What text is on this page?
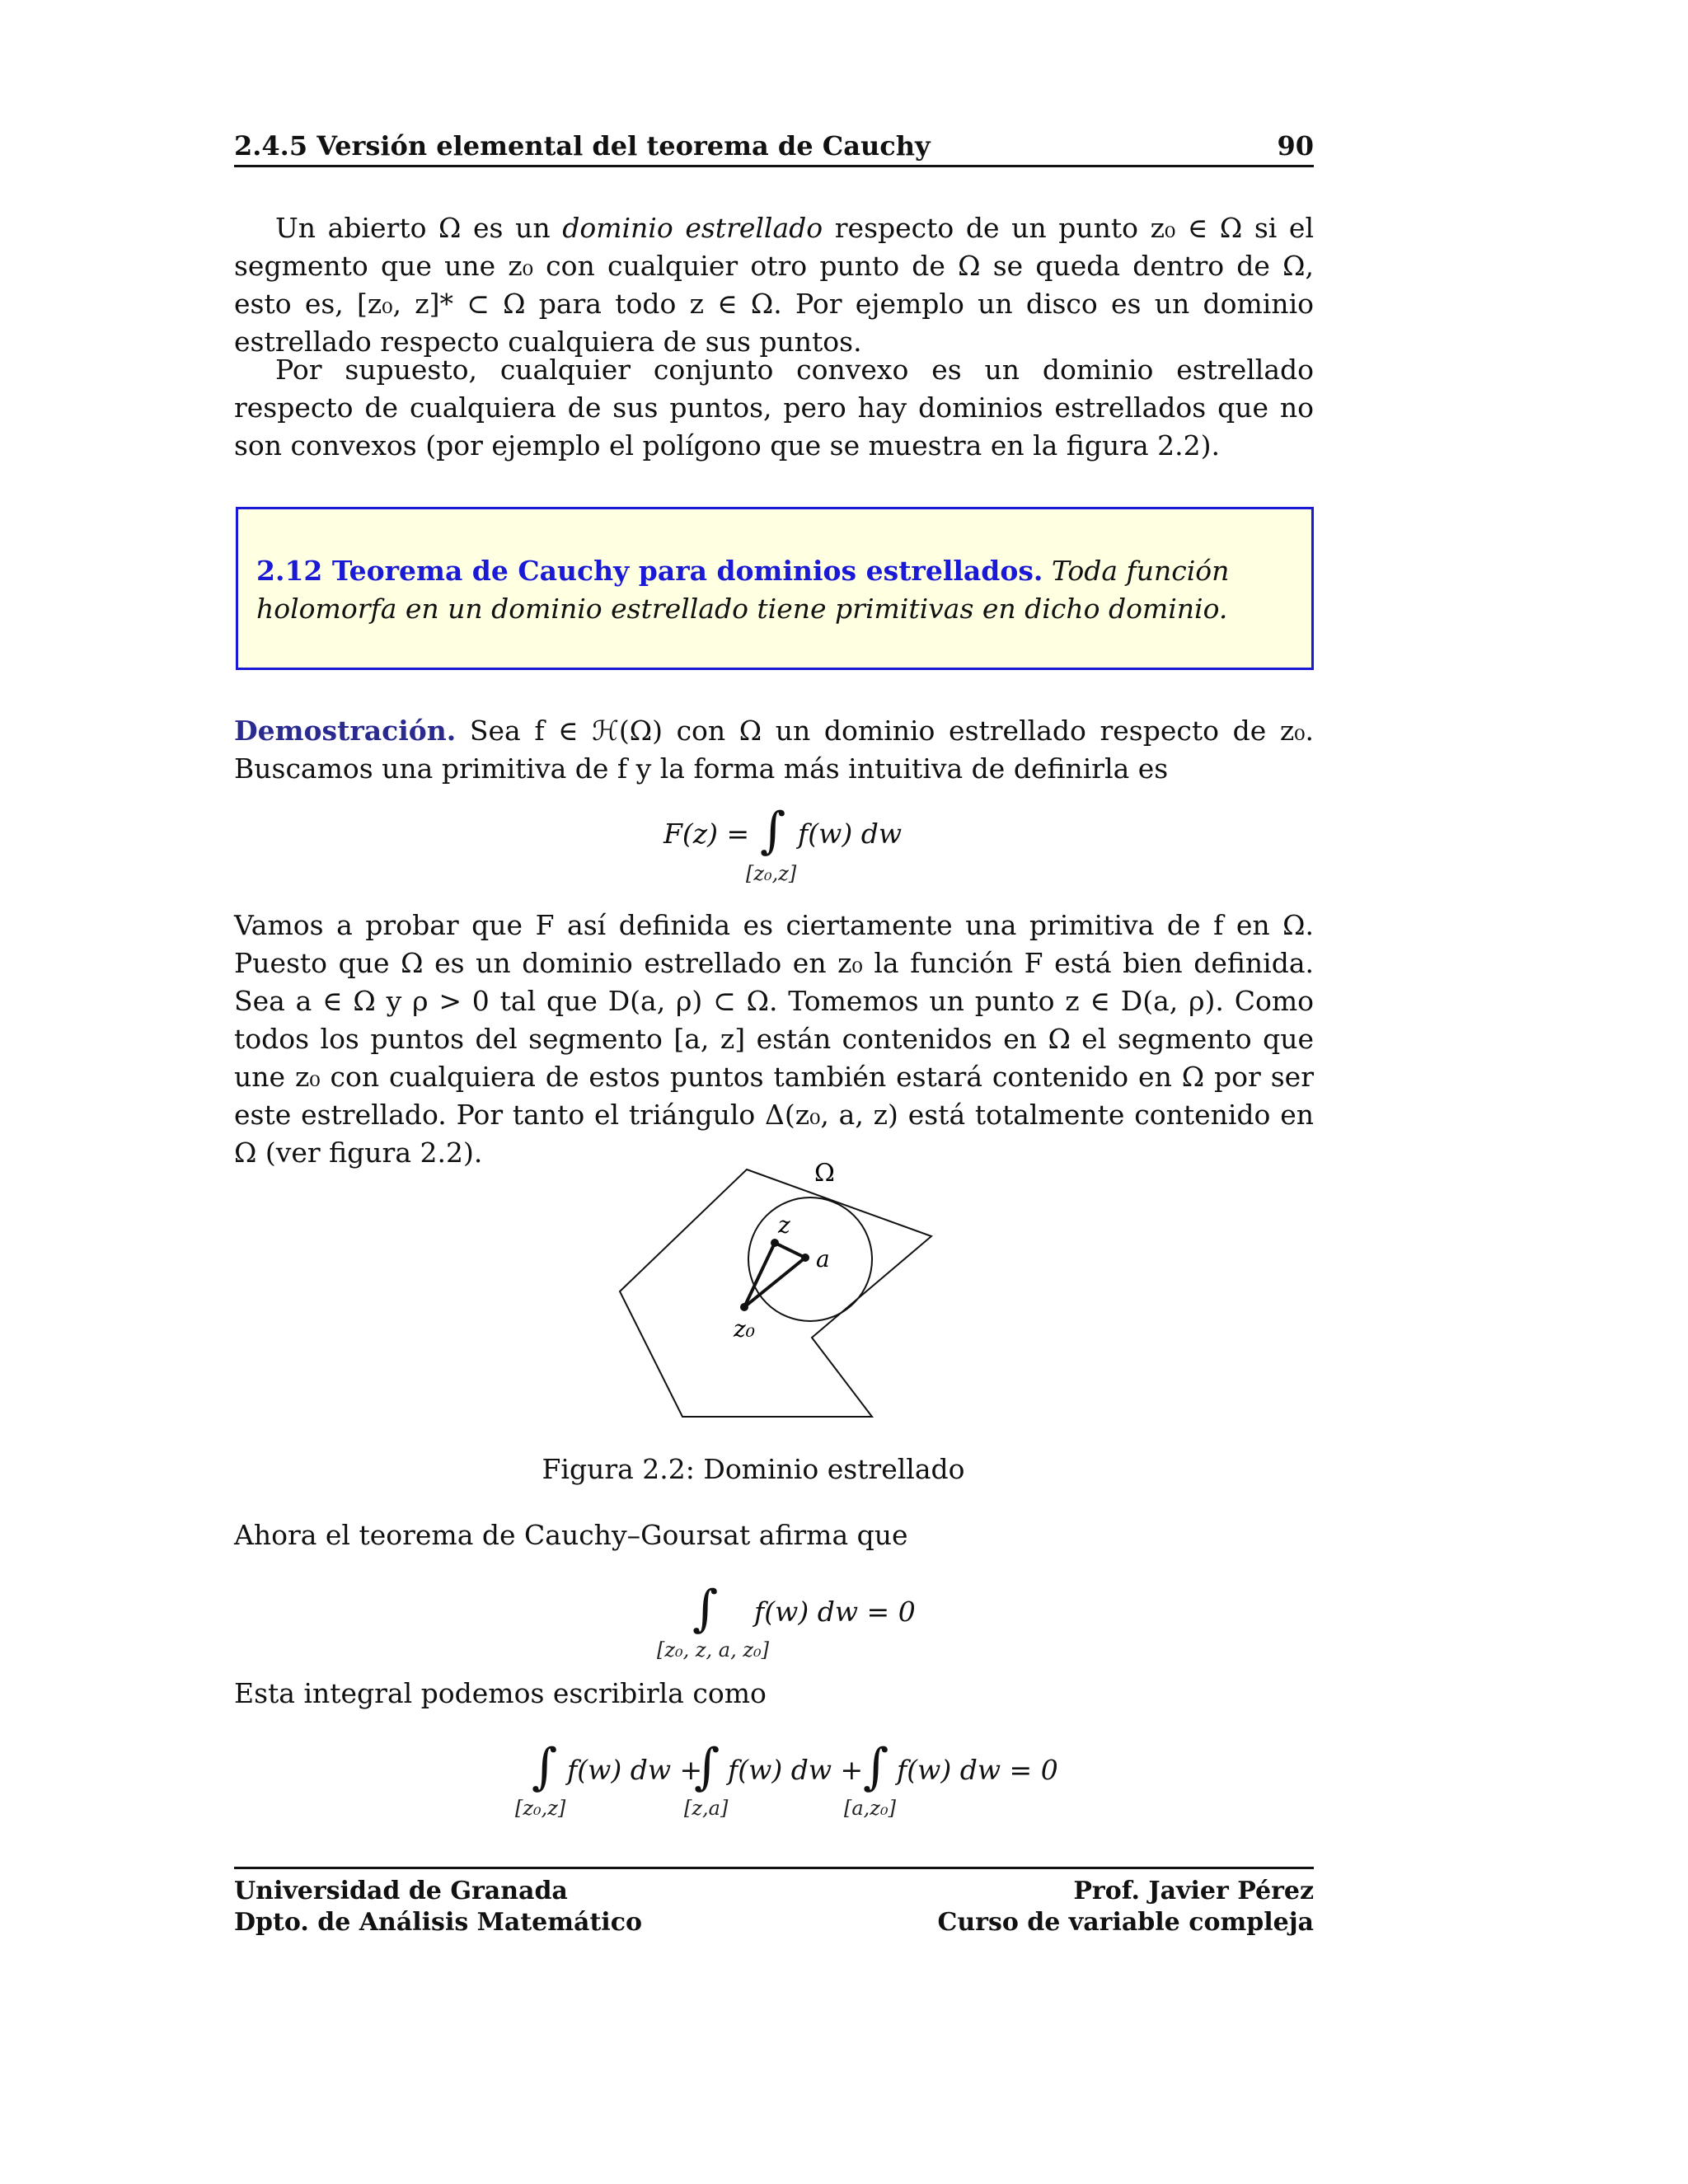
2.4.5 Versión elemental del teorema de Cauchy	90
Un abierto Ω es un dominio estrellado respecto de un punto z₀ ∈ Ω si el segmento que une z₀ con cualquier otro punto de Ω se queda dentro de Ω, esto es, [z₀, z]* ⊂ Ω para todo z ∈ Ω. Por ejemplo un disco es un dominio estrellado respecto cualquiera de sus puntos.
Por supuesto, cualquier conjunto convexo es un dominio estrellado respecto de cualquiera de sus puntos, pero hay dominios estrellados que no son convexos (por ejemplo el polígono que se muestra en la figura 2.2).
2.12 Teorema de Cauchy para dominios estrellados. Toda función holomorfa en un dominio estrellado tiene primitivas en dicho dominio.
Demostración. Sea f ∈ ℋ(Ω) con Ω un dominio estrellado respecto de z₀. Buscamos una primitiva de f y la forma más intuitiva de definirla es
F(z) = ∫ f(w) dw
[z₀,z]
Vamos a probar que F así definida es ciertamente una primitiva de f en Ω. Puesto que Ω es un dominio estrellado en z₀ la función F está bien definida. Sea a ∈ Ω y ρ > 0 tal que D(a, ρ) ⊂ Ω. Tomemos un punto z ∈ D(a, ρ). Como todos los puntos del segmento [a, z] están contenidos en Ω el segmento que une z₀ con cualquiera de estos puntos también estará contenido en Ω por ser este estrellado. Por tanto el triángulo Δ(z₀, a, z) está totalmente contenido en Ω (ver figura 2.2).
Ω
z
a
z₀
Figura 2.2: Dominio estrellado
Ahora el teorema de Cauchy–Goursat afirma que
∫ f(w) dw = 0
[z₀, z, a, z₀]
Esta integral podemos escribirla como
∫ f(w) dw +
[z₀,z]
∫ f(w) dw +
[z,a]
∫ f(w) dw = 0
[a,z₀]
Universidad de Granada
Dpto. de Análisis Matemático
Prof. Javier Pérez
Curso de variable compleja
